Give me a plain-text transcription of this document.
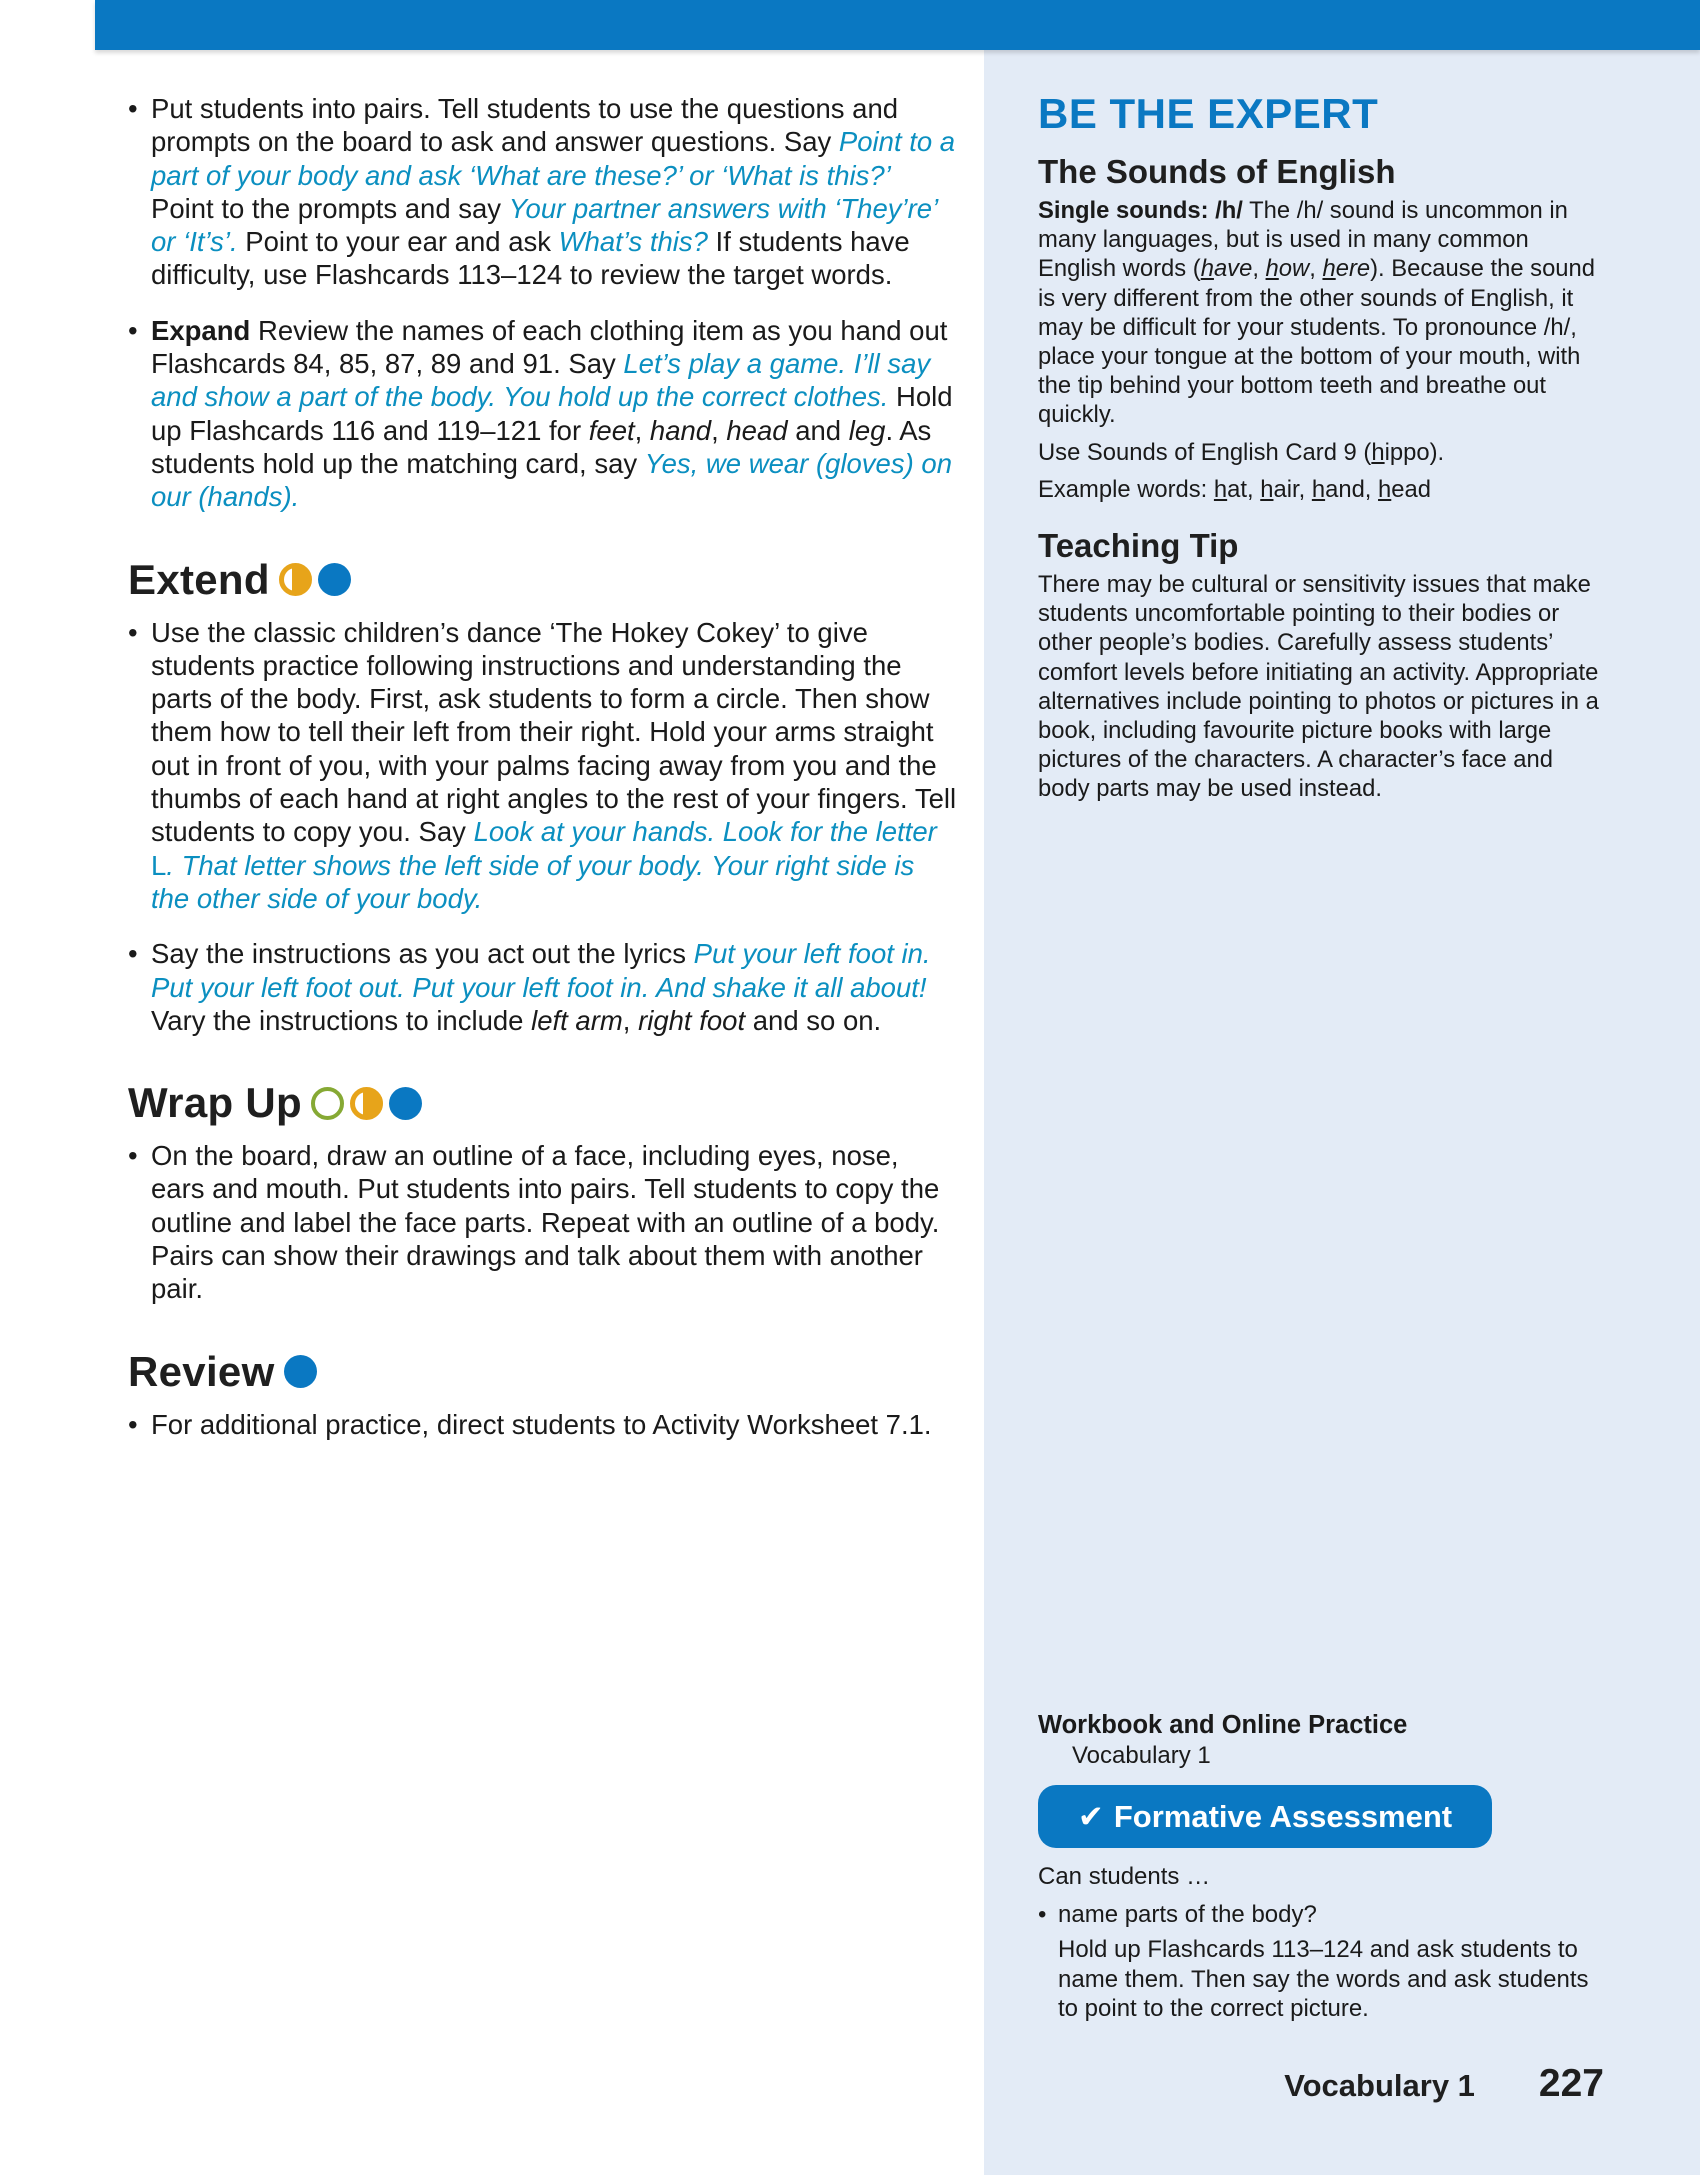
• Put students into pairs. Tell students to use the questions and prompts on the board to ask and answer questions. Say Point to a part of your body and ask ‘What are these?’ or ‘What is this?’ Point to the prompts and say Your partner answers with ‘They’re’ or ‘It’s’. Point to your ear and ask What’s this? If students have difficulty, use Flashcards 113–124 to review the target words.

• Expand Review the names of each clothing item as you hand out Flashcards 84, 85, 87, 89 and 91. Say Let’s play a game. I’ll say and show a part of the body. You hold up the correct clothes. Hold up Flashcards 116 and 119–121 for feet, hand, head and leg. As students hold up the matching card, say Yes, we wear (gloves) on our (hands).

Extend

• Use the classic children’s dance ‘The Hokey Cokey’ to give students practice following instructions and understanding the parts of the body. First, ask students to form a circle. Then show them how to tell their left from their right. Hold your arms straight out in front of you, with your palms facing away from you and the thumbs of each hand at right angles to the rest of your fingers. Tell students to copy you. Say Look at your hands. Look for the letter L. That letter shows the left side of your body. Your right side is the other side of your body.

• Say the instructions as you act out the lyrics Put your left foot in. Put your left foot out. Put your left foot in. And shake it all about! Vary the instructions to include left arm, right foot and so on.

Wrap Up

• On the board, draw an outline of a face, including eyes, nose, ears and mouth. Put students into pairs. Tell students to copy the outline and label the face parts. Repeat with an outline of a body. Pairs can show their drawings and talk about them with another pair.

Review

• For additional practice, direct students to Activity Worksheet 7.1.

BE THE EXPERT
The Sounds of English

Single sounds: /h/ The /h/ sound is uncommon in many languages, but is used in many common English words (have, how, here). Because the sound is very different from the other sounds of English, it may be difficult for your students. To pronounce /h/, place your tongue at the bottom of your mouth, with the tip behind your bottom teeth and breathe out quickly.

Use Sounds of English Card 9 (hippo).

Example words: hat, hair, hand, head

Teaching Tip

There may be cultural or sensitivity issues that make students uncomfortable pointing to their bodies or other people’s bodies. Carefully assess students’ comfort levels before initiating an activity. Appropriate alternatives include pointing to photos or pictures in a book, including favourite picture books with large pictures of the characters. A character’s face and body parts may be used instead.

Workbook and Online Practice
Vocabulary 1
✔ Formative Assessment

Can students …

• name parts of the body?

Hold up Flashcards 113–124 and ask students to name them. Then say the words and ask students to point to the correct picture.

Vocabulary 1 227
